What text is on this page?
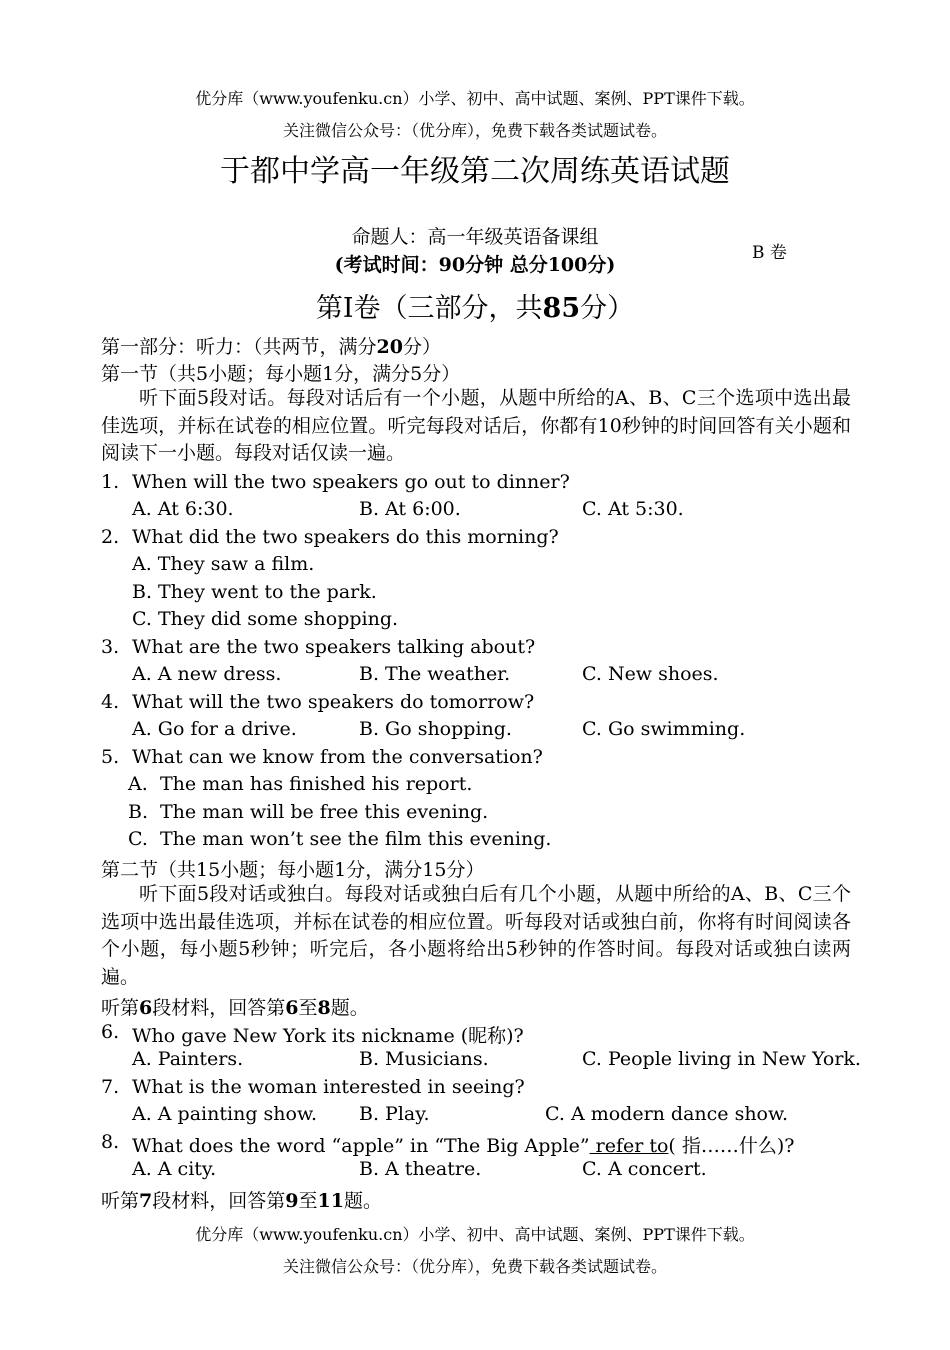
优分库（www.youfenku.cn）小学、初中、高中试题、案例、PPT课件下载。
关注微信公众号：（优分库），免费下载各类试题试卷。
于都中学高一年级第二次周练英语试题
命题人：高一年级英语备课组
B 卷
(考试时间：90分钟 总分100分)
第Ⅰ卷（三部分，共85分）
第一部分：听力：（共两节，满分20分）
第一节（共5小题；每小题1分，满分5分）
听下面5段对话。每段对话后有一个小题，从题中所给的A、B、C三个选项中选出最佳选项，并标在试卷的相应位置。听完每段对话后，你都有10秒钟的时间回答有关小题和阅读下一小题。每段对话仅读一遍。
1. When will the two speakers go out to dinner?
A. At 6:30.	B. At 6:00.	C. At 5:30.
2. What did the two speakers do this morning?
A. They saw a film.
B. They went to the park.
C. They did some shopping.
3. What are the two speakers talking about?
A. A new dress.	B. The weather.	C. New shoes.
4. What will the two speakers do tomorrow?
A. Go for a drive.	B. Go shopping.	C. Go swimming.
5. What can we know from the conversation?
A. The man has finished his report.
B. The man will be free this evening.
C. The man won’t see the film this evening.
第二节（共15小题；每小题1分，满分15分）
听下面5段对话或独白。每段对话或独白后有几个小题，从题中所给的A、B、C三个选项中选出最佳选项，并标在试卷的相应位置。听每段对话或独白前，你将有时间阅读各个小题，每小题5秒钟；听完后，各小题将给出5秒钟的作答时间。每段对话或独白读两遍。
听第6段材料，回答第6至8题。
6. Who gave New York its nickname (昵称)?
A. Painters.	B. Musicians.	C. People living in New York.
7. What is the woman interested in seeing?
A. A painting show. B. Play.	C. A modern dance show.
8. What does the word “apple” in “The Big Apple” refer to( 指……什么)?
A. A city.	B. A theatre.	C. A concert.
听第7段材料，回答第9至11题。
优分库（www.youfenku.cn）小学、初中、高中试题、案例、PPT课件下载。
关注微信公众号：（优分库），免费下载各类试题试卷。
